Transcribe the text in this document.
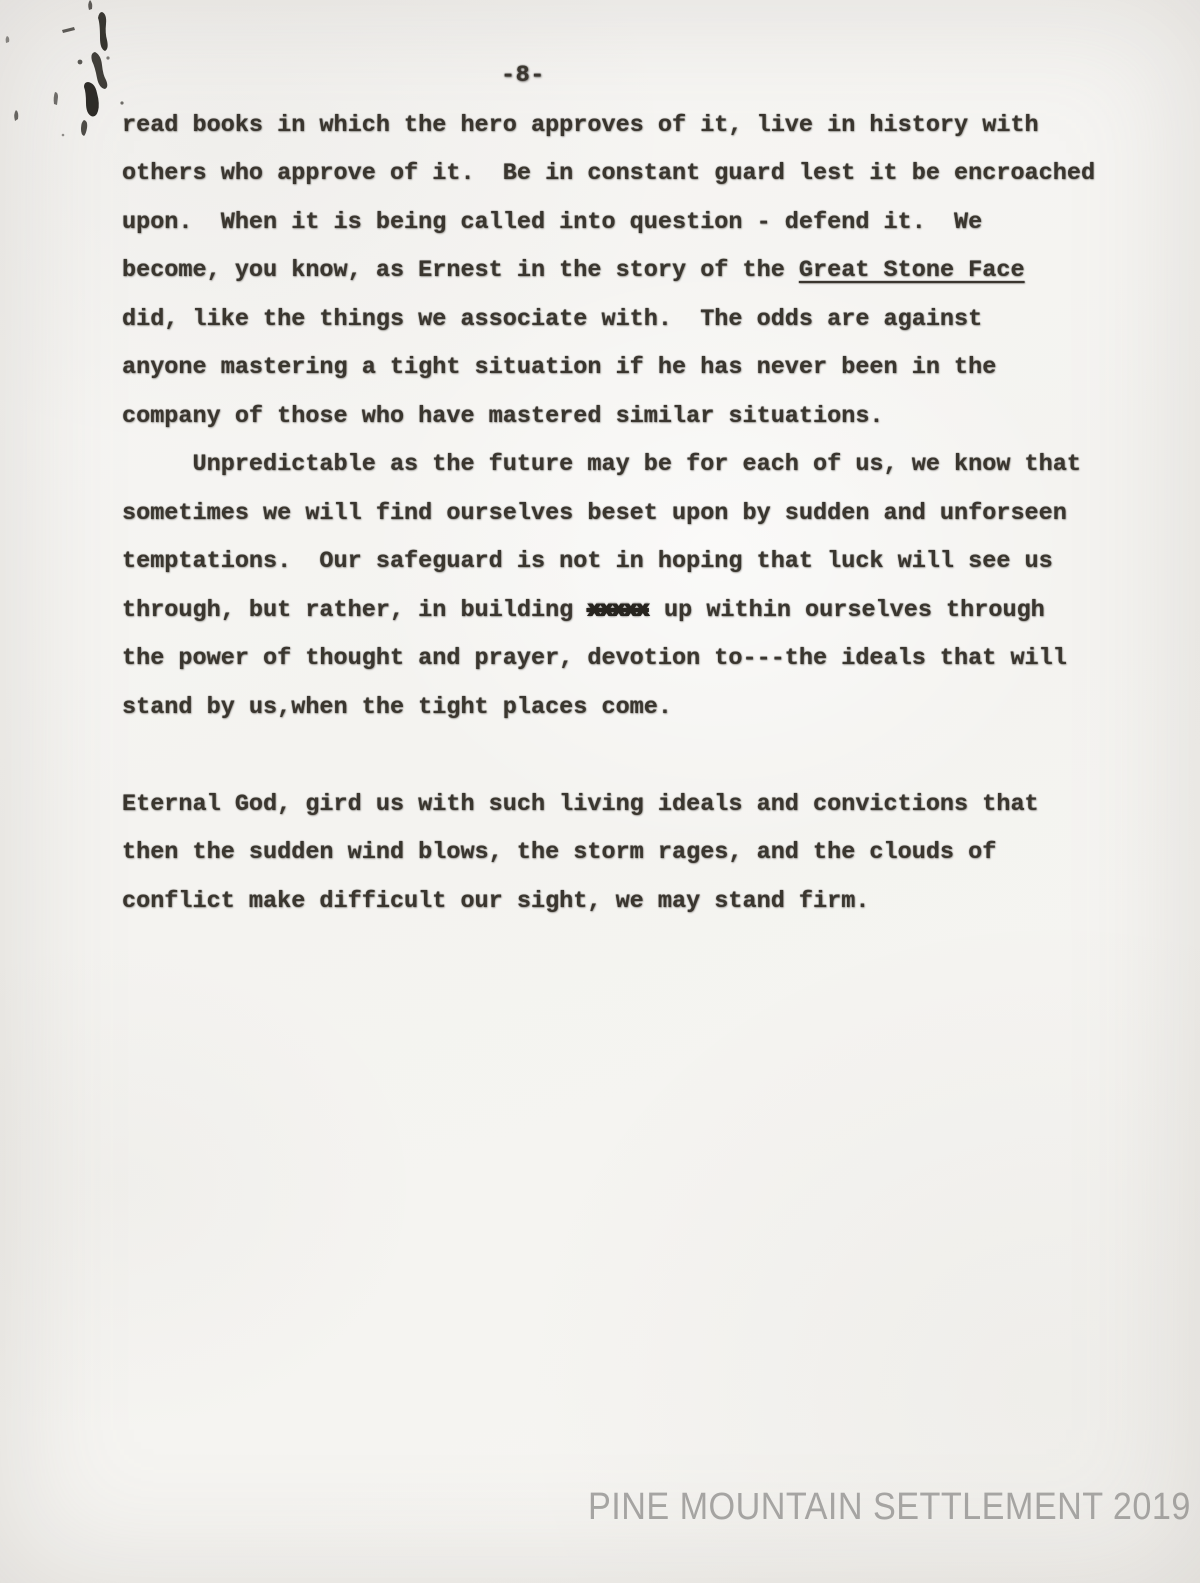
-8-
read books in which the hero approves of it, live in history with
others who approve of it.  Be in constant guard lest it be encroached
upon.  When it is being called into question - defend it.  We
become, you know, as Ernest in the story of the Great Stone Face
did, like the things we associate with.  The odds are against
anyone mastering a tight situation if he has never been in the
company of those who have mastered similar situations.
Unpredictable as the future may be for each of us, we know that
sometimes we will find ourselves beset upon by sudden and unforseen
temptations.  Our safeguard is not in hoping that luck will see us
through, but rather, in building xxxxx up within ourselves through
the power of thought and prayer, devotion to---the ideals that will
stand by us,when the tight places come.
Eternal God, gird us with such living ideals and convictions that
then the sudden wind blows, the storm rages, and the clouds of
conflict make difficult our sight, we may stand firm.
PINE MOUNTAIN SETTLEMENT 2019
